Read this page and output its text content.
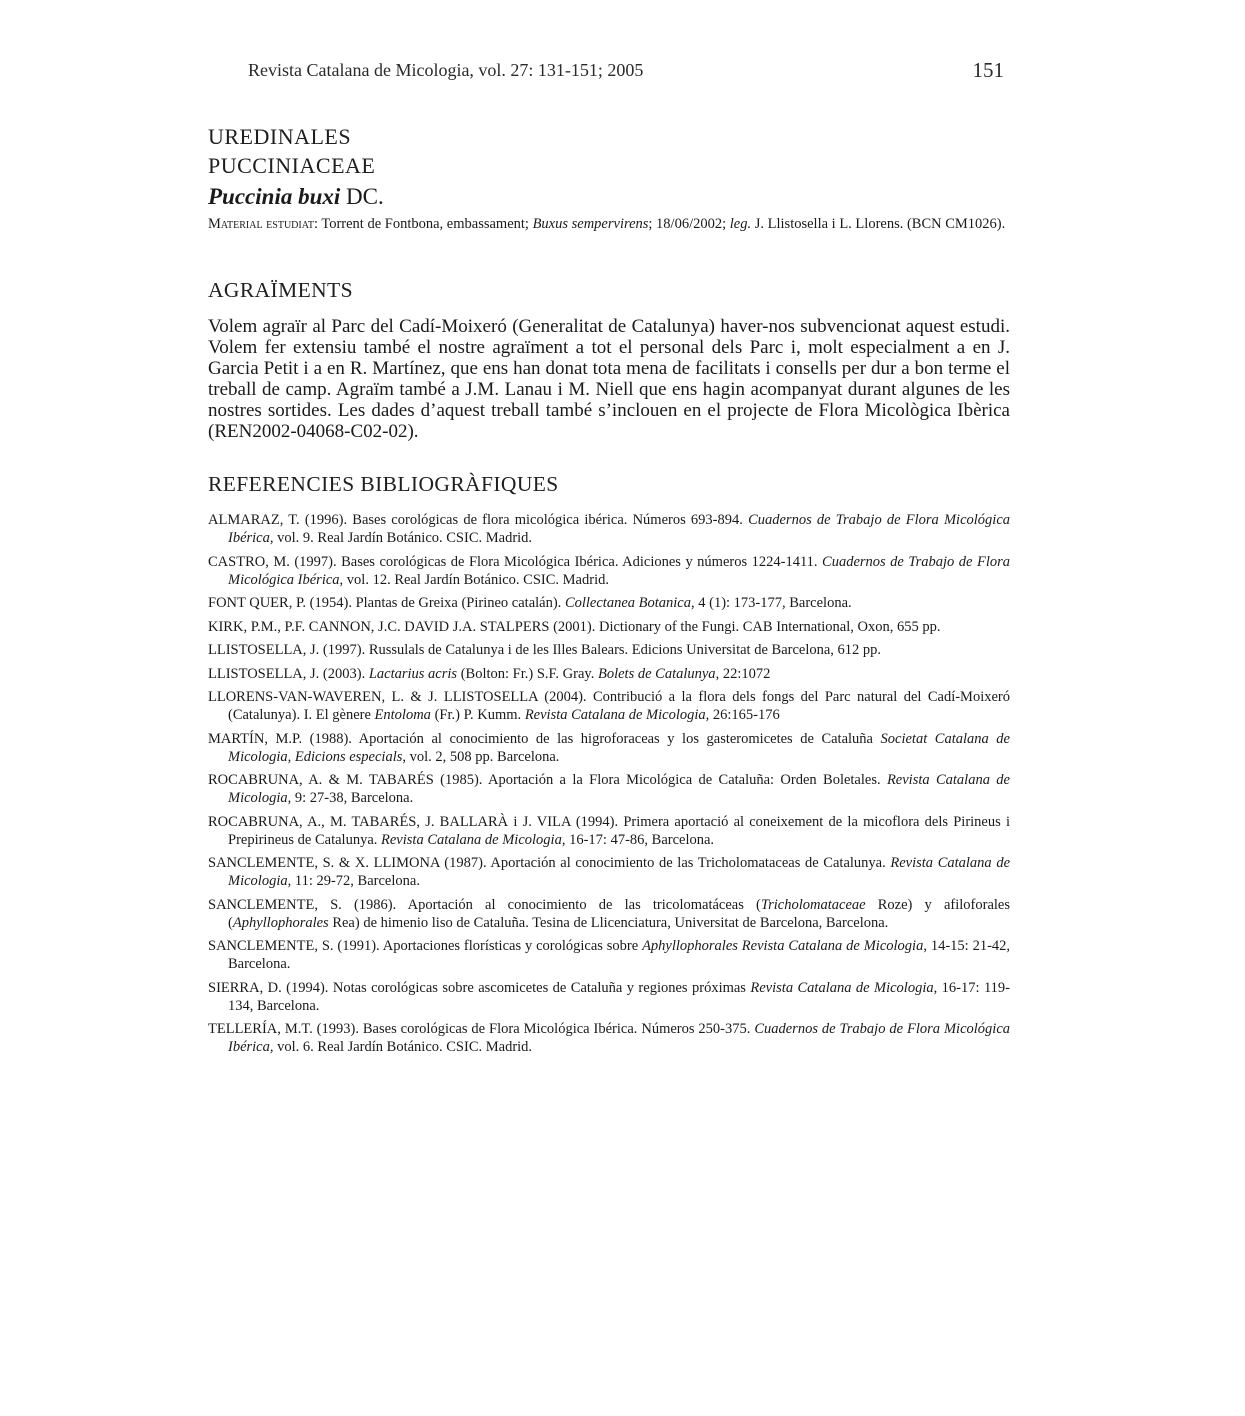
Revista Catalana de Micologia, vol. 27: 131-151; 2005	151
UREDINALES
PUCCINIACEAE
Puccinia buxi DC.
Material estudiat: Torrent de Fontbona, embassament; Buxus sempervirens; 18/06/2002; leg. J. Llistosella i L. Llorens. (BCN CM1026).
AGRAÏMENTS
Volem agraïr al Parc del Cadí-Moixeró (Generalitat de Catalunya) haver-nos subvencionat aquest estudi. Volem fer extensiu també el nostre agraïment a tot el personal dels Parc i, molt especialment a en J. Garcia Petit i a en R. Martínez, que ens han donat tota mena de facilitats i consells per dur a bon terme el treball de camp. Agraïm també a J.M. Lanau i M. Niell que ens hagin acompanyat durant algunes de les nostres sortides. Les dades d’aquest treball també s’inclouen en el projecte de Flora Micològica Ibèrica (REN2002-04068-C02-02).
REFERENCIES BIBLIOGRÀFIQUES
ALMARAZ, T. (1996). Bases corológicas de flora micológica ibérica. Números 693-894. Cuadernos de Trabajo de Flora Micológica Ibérica, vol. 9. Real Jardín Botánico. CSIC. Madrid.
CASTRO, M. (1997). Bases corológicas de Flora Micológica Ibérica. Adiciones y números 1224-1411. Cuadernos de Trabajo de Flora Micológica Ibérica, vol. 12. Real Jardín Botánico. CSIC. Madrid.
FONT QUER, P. (1954). Plantas de Greixa (Pirineo catalán). Collectanea Botanica, 4 (1): 173-177, Barcelona.
KIRK, P.M., P.F. CANNON, J.C. DAVID J.A. STALPERS (2001). Dictionary of the Fungi. CAB International, Oxon, 655 pp.
LLISTOSELLA, J. (1997). Russulals de Catalunya i de les Illes Balears. Edicions Universitat de Barcelona, 612 pp.
LLISTOSELLA, J. (2003). Lactarius acris (Bolton: Fr.) S.F. Gray. Bolets de Catalunya, 22:1072
LLORENS-VAN-WAVEREN, L. & J. LLISTOSELLA (2004). Contribució a la flora dels fongs del Parc natural del Cadí-Moixeró (Catalunya). I. El gènere Entoloma (Fr.) P. Kumm. Revista Catalana de Micologia, 26:165-176
MARTÍN, M.P. (1988). Aportación al conocimiento de las higroforaceas y los gasteromicetes de Cataluña Societat Catalana de Micologia, Edicions especials, vol. 2, 508 pp. Barcelona.
ROCABRUNA, A. & M. TABARÉS (1985). Aportación a la Flora Micológica de Cataluña: Orden Boletales. Revista Catalana de Micologia, 9: 27-38, Barcelona.
ROCABRUNA, A., M. TABARÉS, J. BALLARÀ i J. VILA (1994). Primera aportació al coneixement de la micoflora dels Pirineus i Prepirineus de Catalunya. Revista Catalana de Micologia, 16-17: 47-86, Barcelona.
SANCLEMENTE, S. & X. LLIMONA (1987). Aportación al conocimiento de las Tricholomataceas de Catalunya. Revista Catalana de Micologia, 11: 29-72, Barcelona.
SANCLEMENTE, S. (1986). Aportación al conocimiento de las tricolomatáceas (Tricholomataceae Roze) y afiloforales (Aphyllophorales Rea) de himenio liso de Cataluña. Tesina de Llicenciatura, Universitat de Barcelona, Barcelona.
SANCLEMENTE, S. (1991). Aportaciones florísticas y corológicas sobre Aphyllophorales Revista Catalana de Micologia, 14-15: 21-42, Barcelona.
SIERRA, D. (1994). Notas corológicas sobre ascomicetes de Cataluña y regiones próximas Revista Catalana de Micologia, 16-17: 119-134, Barcelona.
TELLERÍA, M.T. (1993). Bases corológicas de Flora Micológica Ibérica. Números 250-375. Cuadernos de Trabajo de Flora Micológica Ibérica, vol. 6. Real Jardín Botánico. CSIC. Madrid.
